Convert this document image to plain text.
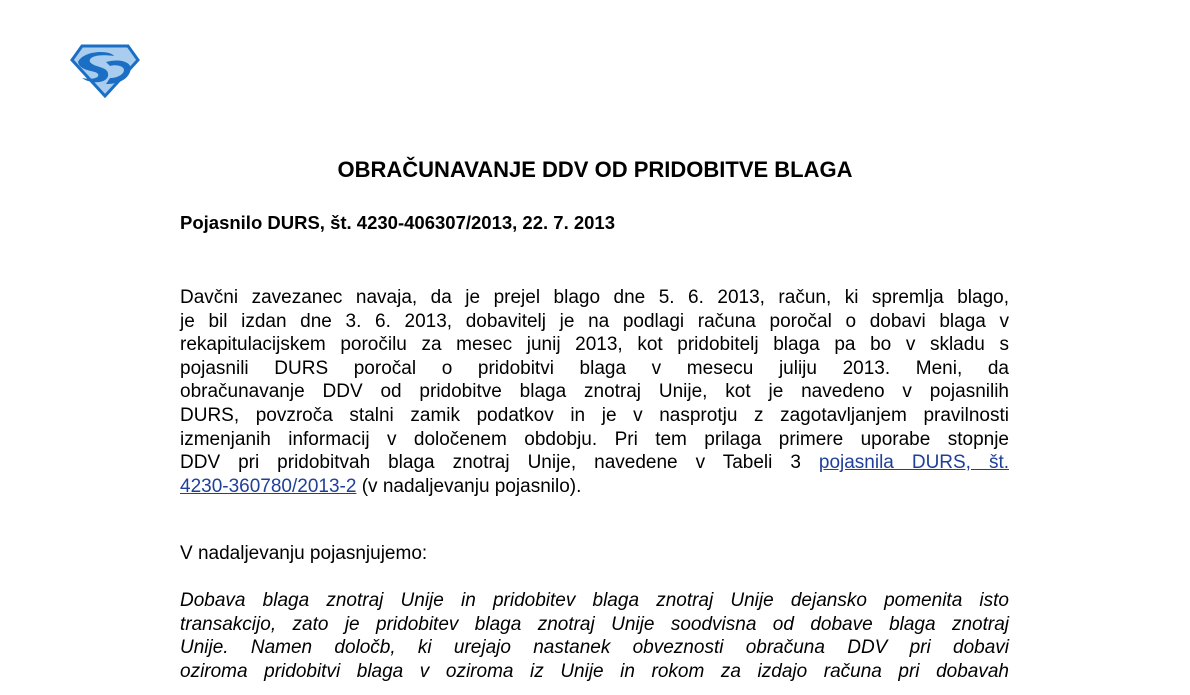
OBRAČUNAVANJE DDV OD PRIDOBITVE BLAGA
Pojasnilo DURS, št. 4230-406307/2013, 22. 7. 2013
Davčni zavezanec navaja, da je prejel blago dne 5. 6. 2013, račun, ki spremlja blago,
je bil izdan dne 3. 6. 2013, dobavitelj je na podlagi računa poročal o dobavi blaga v
rekapitulacijskem poročilu za mesec junij 2013, kot pridobitelj blaga pa bo v skladu s
pojasnili DURS poročal o pridobitvi blaga v mesecu juliju 2013. Meni, da
obračunavanje DDV od pridobitve blaga znotraj Unije, kot je navedeno v pojasnilih
DURS, povzroča stalni zamik podatkov in je v nasprotju z zagotavljanjem pravilnosti
izmenjanih informacij v določenem obdobju. Pri tem prilaga primere uporabe stopnje
DDV pri pridobitvah blaga znotraj Unije, navedene v Tabeli 3 pojasnila DURS, št.
4230-360780/2013-2 (v nadaljevanju pojasnilo).
V nadaljevanju pojasnjujemo:
Dobava blaga znotraj Unije in pridobitev blaga znotraj Unije dejansko pomenita isto
transakcijo, zato je pridobitev blaga znotraj Unije soodvisna od dobave blaga znotraj
Unije. Namen določb, ki urejajo nastanek obveznosti obračuna DDV pri dobavi
oziroma pridobitvi blaga v oziroma iz Unije in rokom za izdajo računa pri dobavah
